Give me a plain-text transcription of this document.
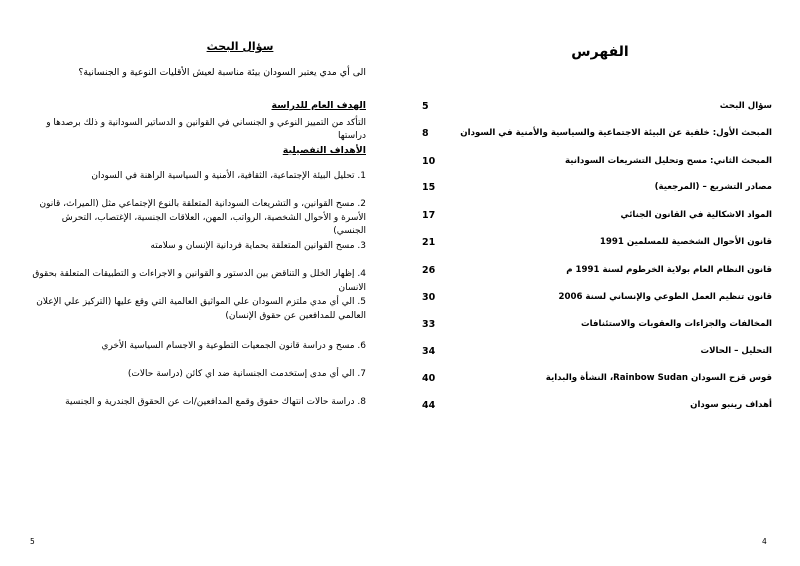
سؤال البحث
الى أي مدي يعتبر السودان بيئة مناسبة لعيش الأقليات النوعية و الجنسانية؟
الهدف العام للدراسة
التأكد من التمييز النوعي و الجنساني في القوانين و الدساتير السودانية و ذلك برصدها و دراستها
الأهداف التفصيلية
1. تحليل البيئة الإجتماعية، الثقافية، الأمنية و السياسية الراهنة في السودان
2. مسح القوانين، و التشريعات السودانية المتعلقة بالنوع الإجتماعي مثل (الميراث، قانون الأسرة و الأحوال الشخصية، الرواتب، المهن، العلاقات الجنسية، الإغتصاب، التحرش الجنسي)
3. مسح القوانين المتعلقة بحماية فردانية الإنسان و سلامته
4. إظهار الخلل و التناقض بين الدستور و القوانين و الاجراءات و التطبيقات المتعلقة بحقوق الانسان
5. الي أي مدي ملتزم السودان علي المواثيق العالمية التي وقع عليها (التركيز علي الإعلان العالمي للمدافعين عن حقوق الإنسان)
6. مسح و دراسة قانون الجمعيات التطوعية و الاجسام السياسية الأخري
7. الي أي مدى إستخدمت الجنسانية ضد اي كائن (دراسة حالات)
8. دراسة حالات انتهاك حقوق وقمع المدافعين/ات عن الحقوق الجندرية و الجنسية
5
الفهرس
5	سؤال البحث
8	المبحث الأول: خلفية عن البيئة الاجتماعية والسياسية والأمنية في السودان
10	المبحث الثاني: مسح وتحليل التشريعات السودانية
15	مصادر التشريع – (المرجعية)
17	المواد الاشكالية في القانون الجنائي
21	قانون الأحوال الشخصية للمسلمين 1991
26	قانون النظام العام بولاية الخرطوم لسنة 1991 م
30	قانون تنظيم العمل الطوعي والإنساني لسنة 2006
33	المخالفات والجزاءات والعقوبات والاستئنافات
34	التحليل – الحالات
40	قوس قزح السودان Rainbow Sudan، النشأة والبداية
44	أهداف رينبو سودان
4
